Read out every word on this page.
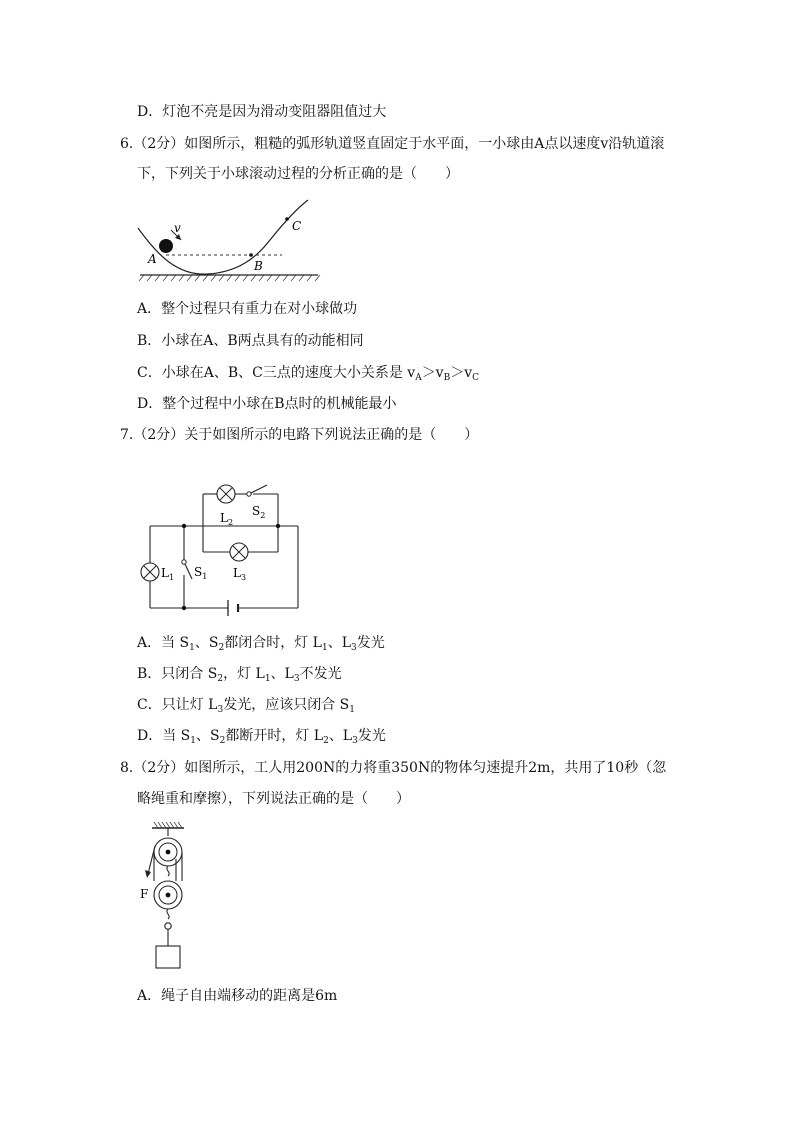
D．灯泡不亮是因为滑动变阻器阻值过大
6.（2分）如图所示，粗糙的弧形轨道竖直固定于水平面，一小球由A点以速度v沿轨道滚
下，下列关于小球滚动过程的分析正确的是（　　）
v
A	B
C
A．整个过程只有重力在对小球做功
B．小球在A、B两点具有的动能相同
C．小球在A、B、C三点的速度大小关系是 $v_A>v_B>v_C$
D．整个过程中小球在B点时的机械能最小
7.（2分）关于如图所示的电路下列说法正确的是（　　）
$L_2$
$S_2$
$L_3$
$L_1$ $S_1$
A．当 $S_1$、$S_2$都闭合时，灯 $L_1$、$L_3$发光
B．只闭合 $S_2$，灯 $L_1$、$L_3$不发光
C．只让灯 $L_3$发光，应该只闭合 $S_1$
D．当 $S_1$、$S_2$都断开时，灯 $L_2$、$L_3$发光
8.（2分）如图所示，工人用200N的力将重350N的物体匀速提升2m，共用了10秒（忽
略绳重和摩擦），下列说法正确的是（　　）
F
A．绳子自由端移动的距离是6m
